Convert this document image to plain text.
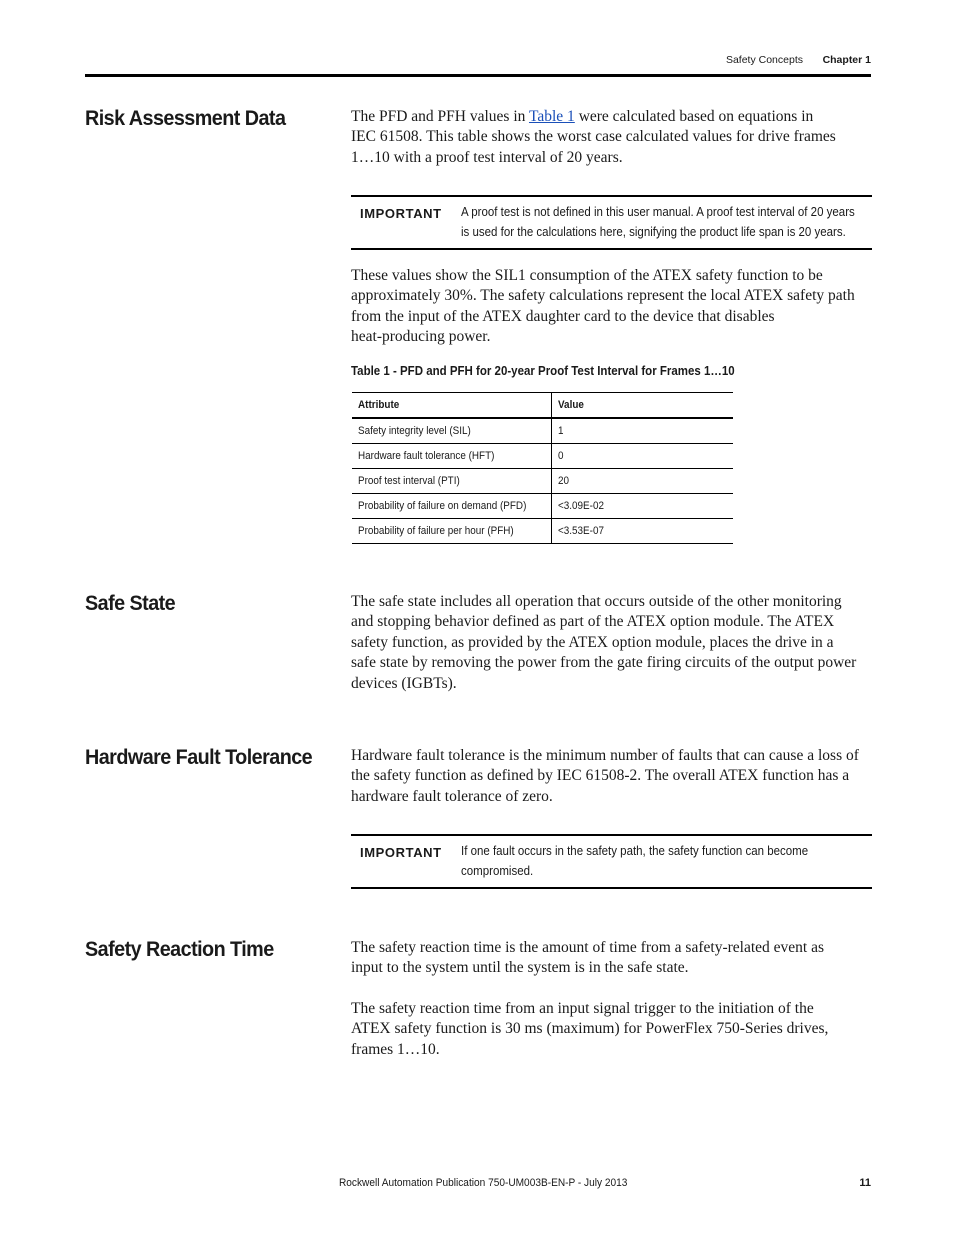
Safety Concepts Chapter 1
Risk Assessment Data	The PFD and PFH values in Table 1 were calculated based on equations in
IEC 61508. This table shows the worst case calculated values for drive frames
1…10 with a proof test interval of 20 years.
IMPORTANT A proof test is not defined in this user manual. A proof test interval of 20 years
is used for the calculations here, signifying the product life span is 20 years.
These values show the SIL1 consumption of the ATEX safety function to be
approximately 30%. The safety calculations represent the local ATEX safety path
from the input of the ATEX daughter card to the device that disables
heat-producing power.
Table 1 - PFD and PFH for 20-year Proof Test Interval for Frames 1…10
Attribute	Value
Safety integrity level (SIL)	1
Hardware fault tolerance (HFT)	0
Proof test interval (PTI)	20
Probability of failure on demand (PFD)	<3.09E-02
Probability of failure per hour (PFH)	<3.53E-07
Safe State	The safe state includes all operation that occurs outside of the other monitoring
and stopping behavior defined as part of the ATEX option module. The ATEX
safety function, as provided by the ATEX option module, places the drive in a
safe state by removing the power from the gate firing circuits of the output power
devices (IGBTs).
Hardware Fault Tolerance	Hardware fault tolerance is the minimum number of faults that can cause a loss of
the safety function as defined by IEC 61508-2. The overall ATEX function has a
hardware fault tolerance of zero.
IMPORTANT If one fault occurs in the safety path, the safety function can become
compromised.
Safety Reaction Time	The safety reaction time is the amount of time from a safety-related event as
input to the system until the system is in the safe state.
The safety reaction time from an input signal trigger to the initiation of the
ATEX safety function is 30 ms (maximum) for PowerFlex 750-Series drives,
frames 1…10.
Rockwell Automation Publication 750-UM003B-EN-P - July 2013	11
